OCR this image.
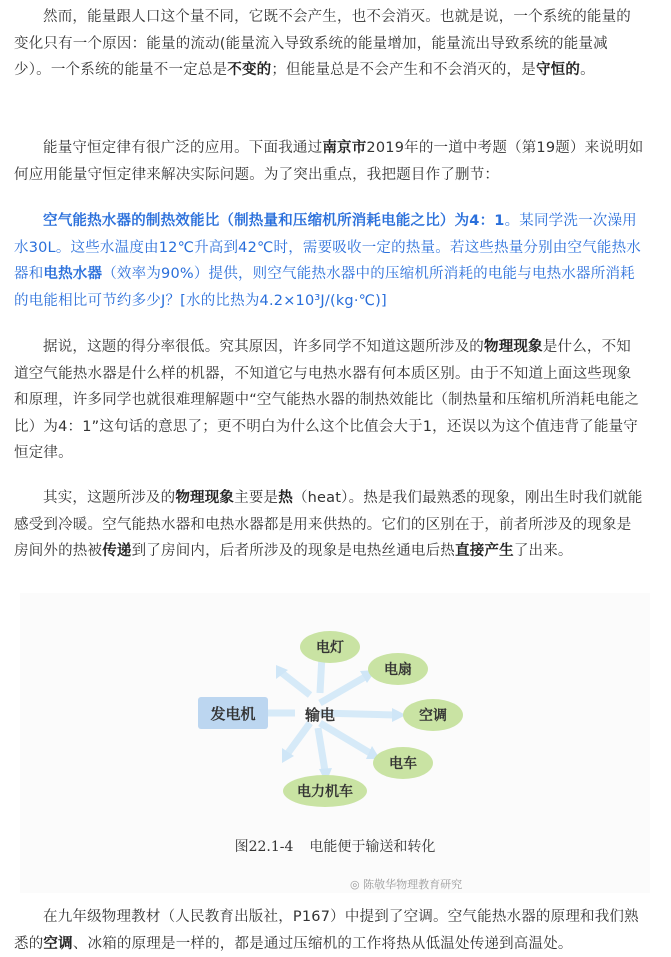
然而，能量跟人口这个量不同，它既不会产生，也不会消灭。也就是说，一个系统的能量的变化只有一个原因：能量的流动(能量流入导致系统的能量增加，能量流出导致系统的能量减少）。一个系统的能量不一定总是不变的；但能量总是不会产生和不会消灭的，是守恒的。

能量守恒定律有很广泛的应用。下面我通过南京市2019年的一道中考题（第19题）来说明如何应用能量守恒定律来解决实际问题。为了突出重点，我把题目作了删节：

空气能热水器的制热效能比（制热量和压缩机所消耗电能之比）为4：1。某同学洗一次澡用水30L。这些水温度由12℃升高到42℃时，需要吸收一定的热量。若这些热量分别由空气能热水器和电热水器（效率为90%）提供，则空气能热水器中的压缩机所消耗的电能与电热水器所消耗的电能相比可节约多少J？[水的比热为4.2×10³J/(kg·℃)]

据说，这题的得分率很低。究其原因，许多同学不知道这题所涉及的物理现象是什么，不知道空气能热水器是什么样的机器，不知道它与电热水器有何本质区别。由于不知道上面这些现象和原理，许多同学也就很难理解题中“空气能热水器的制热效能比（制热量和压缩机所消耗电能之比）为4：1”这句话的意思了；更不明白为什么这个比值会大于1，还误以为这个值违背了能量守恒定律。

其实，这题所涉及的物理现象主要是热（heat）。热是我们最熟悉的现象，刚出生时我们就能感受到冷暖。空气能热水器和电热水器都是用来供热的。它们的区别在于，前者所涉及的现象是房间外的热被传递到了房间内，后者所涉及的现象是电热丝通电后热直接产生了出来。

发电机	输电
电灯
电扇
空调
电车
电力机车
图22.1-4 电能便于输送和转化
◎ 陈敬华物理教育研究

在九年级物理教材（人民教育出版社，P167）中提到了空调。空气能热水器的原理和我们熟悉的空调、冰箱的原理是一样的，都是通过压缩机的工作将热从低温处传递到高温处。
